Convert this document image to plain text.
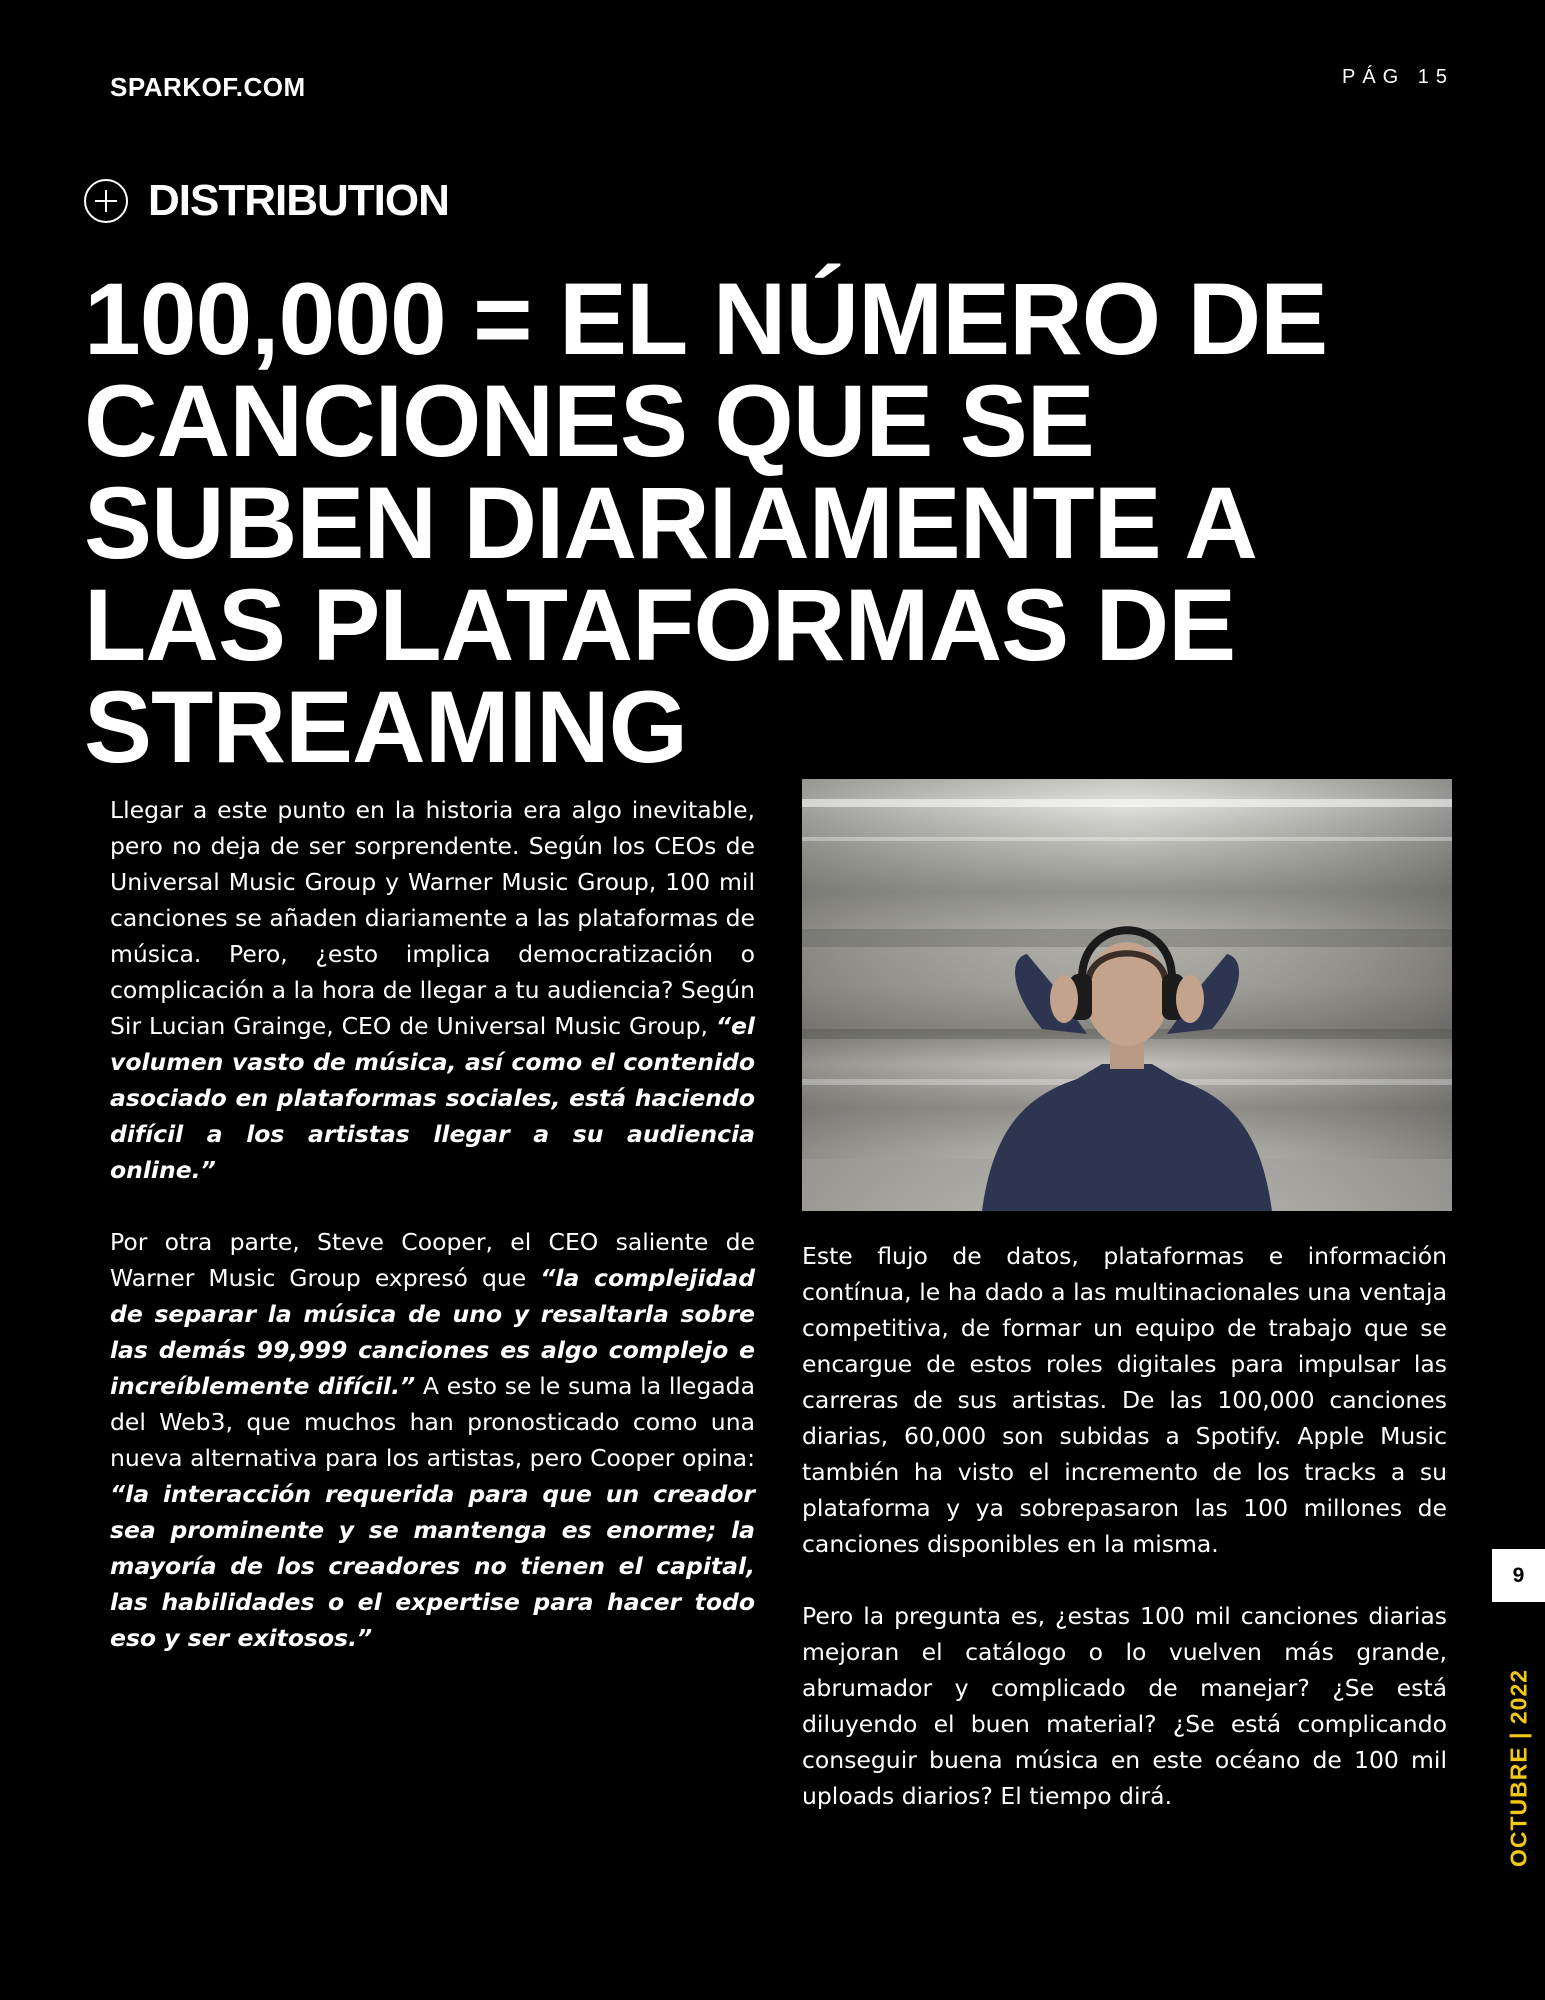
SPARKOF.COM	PÁG 15
DISTRIBUTION
100,000 = EL NÚMERO DE CANCIONES QUE SE SUBEN DIARIAMENTE A LAS PLATAFORMAS DE STREAMING

Llegar a este punto en la historia era algo inevitable, pero no deja de ser sorprendente. Según los CEOs de Universal Music Group y Warner Music Group, 100 mil canciones se añaden diariamente a las plataformas de música. Pero, ¿esto implica democratización o complicación a la hora de llegar a tu audiencia? Según Sir Lucian Grainge, CEO de Universal Music Group, “el volumen vasto de música, así como el contenido asociado en plataformas sociales, está haciendo difícil a los artistas llegar a su audiencia online.”

Por otra parte, Steve Cooper, el CEO saliente de Warner Music Group expresó que “la complejidad de separar la música de uno y resaltarla sobre las demás 99,999 canciones es algo complejo e increíblemente difícil.” A esto se le suma la llegada del Web3, que muchos han pronosticado como una nueva alternativa para los artistas, pero Cooper opina: “la interacción requerida para que un creador sea prominente y se mantenga es enorme; la mayoría de los creadores no tienen el capital, las habilidades o el expertise para hacer todo eso y ser exitosos.”

Este flujo de datos, plataformas e información contínua, le ha dado a las multinacionales una ventaja competitiva, de formar un equipo de trabajo que se encargue de estos roles digitales para impulsar las carreras de sus artistas. De las 100,000 canciones diarias, 60,000 son subidas a Spotify. Apple Music también ha visto el incremento de los tracks a su plataforma y ya sobrepasaron las 100 millones de canciones disponibles en la misma.

Pero la pregunta es, ¿estas 100 mil canciones diarias mejoran el catálogo o lo vuelven más grande, abrumador y complicado de manejar? ¿Se está diluyendo el buen material? ¿Se está complicando conseguir buena música en este océano de 100 mil uploads diarios? El tiempo dirá.

9
OCTUBRE | 2022
